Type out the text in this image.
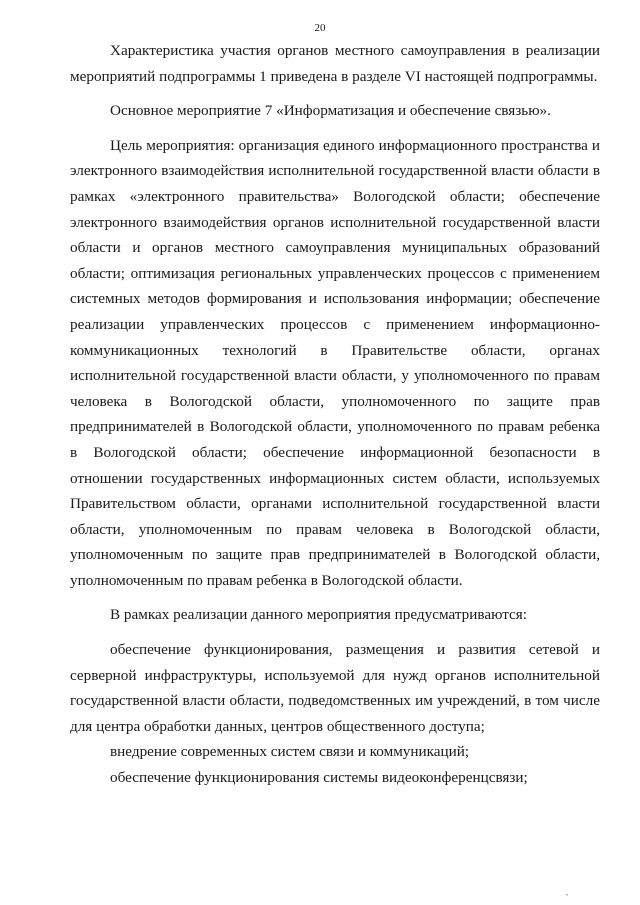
20

Характеристика участия органов местного самоуправления в реализации мероприятий подпрограммы 1 приведена в разделе VI настоящей подпрограммы.

Основное мероприятие 7 «Информатизация и обеспечение связью».

Цель мероприятия: организация единого информационного пространства и электронного взаимодействия исполнительной государственной власти области в рамках «электронного правительства» Вологодской области; обеспечение электронного взаимодействия органов исполнительной государственной власти области и органов местного самоуправления муниципальных образований области; оптимизация региональных управленческих процессов с применением системных методов формирования и использования информации; обеспечение реализации управленческих процессов с применением информационно-коммуникационных технологий в Правительстве области, органах исполнительной государственной власти области, у уполномоченного по правам человека в Вологодской области, уполномоченного по защите прав предпринимателей в Вологодской области, уполномоченного по правам ребенка в Вологодской области; обеспечение информационной безопасности в отношении государственных информационных систем области, используемых Правительством области, органами исполнительной государственной власти области, уполномоченным по правам человека в Вологодской области, уполномоченным по защите прав предпринимателей в Вологодской области, уполномоченным по правам ребенка в Вологодской области.

В рамках реализации данного мероприятия предусматриваются:

обеспечение функционирования, размещения и развития сетевой и серверной инфраструктуры, используемой для нужд органов исполнительной государственной власти области, подведомственных им учреждений, в том числе для центра обработки данных, центров общественного доступа;

внедрение современных систем связи и коммуникаций;

обеспечение функционирования системы видеоконференцсвязи;

•
